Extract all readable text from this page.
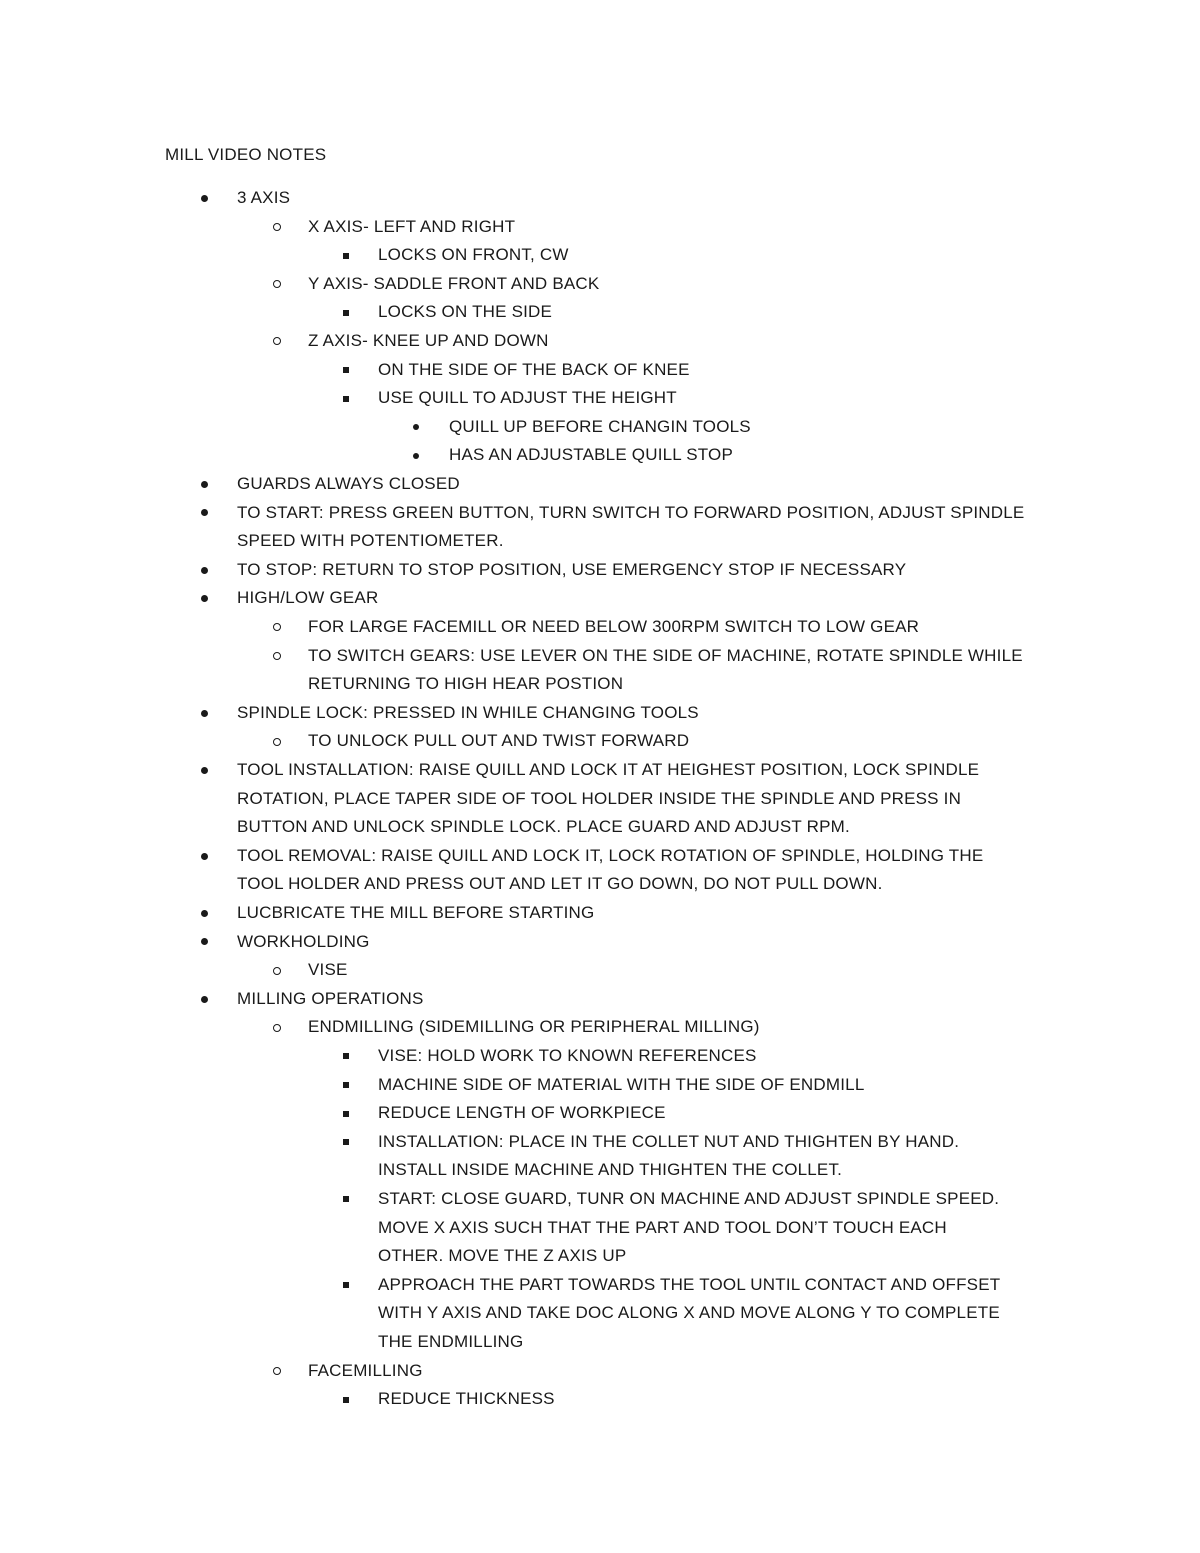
MILL VIDEO NOTES
3 AXIS
X AXIS- LEFT AND RIGHT
LOCKS ON FRONT, CW
Y AXIS- SADDLE FRONT AND BACK
LOCKS ON THE SIDE
Z AXIS- KNEE UP AND DOWN
ON THE SIDE OF THE BACK OF KNEE
USE QUILL TO ADJUST THE HEIGHT
QUILL UP BEFORE CHANGIN TOOLS
HAS AN ADJUSTABLE QUILL STOP
GUARDS ALWAYS CLOSED
TO START: PRESS GREEN BUTTON, TURN SWITCH TO FORWARD POSITION, ADJUST SPINDLE
SPEED WITH POTENTIOMETER.
TO STOP: RETURN TO STOP POSITION, USE EMERGENCY STOP IF NECESSARY
HIGH/LOW GEAR
FOR LARGE FACEMILL OR NEED BELOW 300RPM SWITCH TO LOW GEAR
TO SWITCH GEARS: USE LEVER ON THE SIDE OF MACHINE, ROTATE SPINDLE WHILE
RETURNING TO HIGH HEAR POSTION
SPINDLE LOCK: PRESSED IN WHILE CHANGING TOOLS
TO UNLOCK PULL OUT AND TWIST FORWARD
TOOL INSTALLATION: RAISE QUILL AND LOCK IT AT HEIGHEST POSITION, LOCK SPINDLE
ROTATION, PLACE TAPER SIDE OF TOOL HOLDER INSIDE THE SPINDLE AND PRESS IN
BUTTON AND UNLOCK SPINDLE LOCK. PLACE GUARD AND ADJUST RPM.
TOOL REMOVAL: RAISE QUILL AND LOCK IT, LOCK ROTATION OF SPINDLE, HOLDING THE
TOOL HOLDER AND PRESS OUT AND LET IT GO DOWN, DO NOT PULL DOWN.
LUCBRICATE THE MILL BEFORE STARTING
WORKHOLDING
VISE
MILLING OPERATIONS
ENDMILLING (SIDEMILLING OR PERIPHERAL MILLING)
VISE: HOLD WORK TO KNOWN REFERENCES
MACHINE SIDE OF MATERIAL WITH THE SIDE OF ENDMILL
REDUCE LENGTH OF WORKPIECE
INSTALLATION: PLACE IN THE COLLET NUT AND THIGHTEN BY HAND.
INSTALL INSIDE MACHINE AND THIGHTEN THE COLLET.
START: CLOSE GUARD, TUNR ON MACHINE AND ADJUST SPINDLE SPEED.
MOVE X AXIS SUCH THAT THE PART AND TOOL DON’T TOUCH EACH
OTHER. MOVE THE Z AXIS UP
APPROACH THE PART TOWARDS THE TOOL UNTIL CONTACT AND OFFSET
WITH Y AXIS AND TAKE DOC ALONG X AND MOVE ALONG Y TO COMPLETE
THE ENDMILLING
FACEMILLING
REDUCE THICKNESS
